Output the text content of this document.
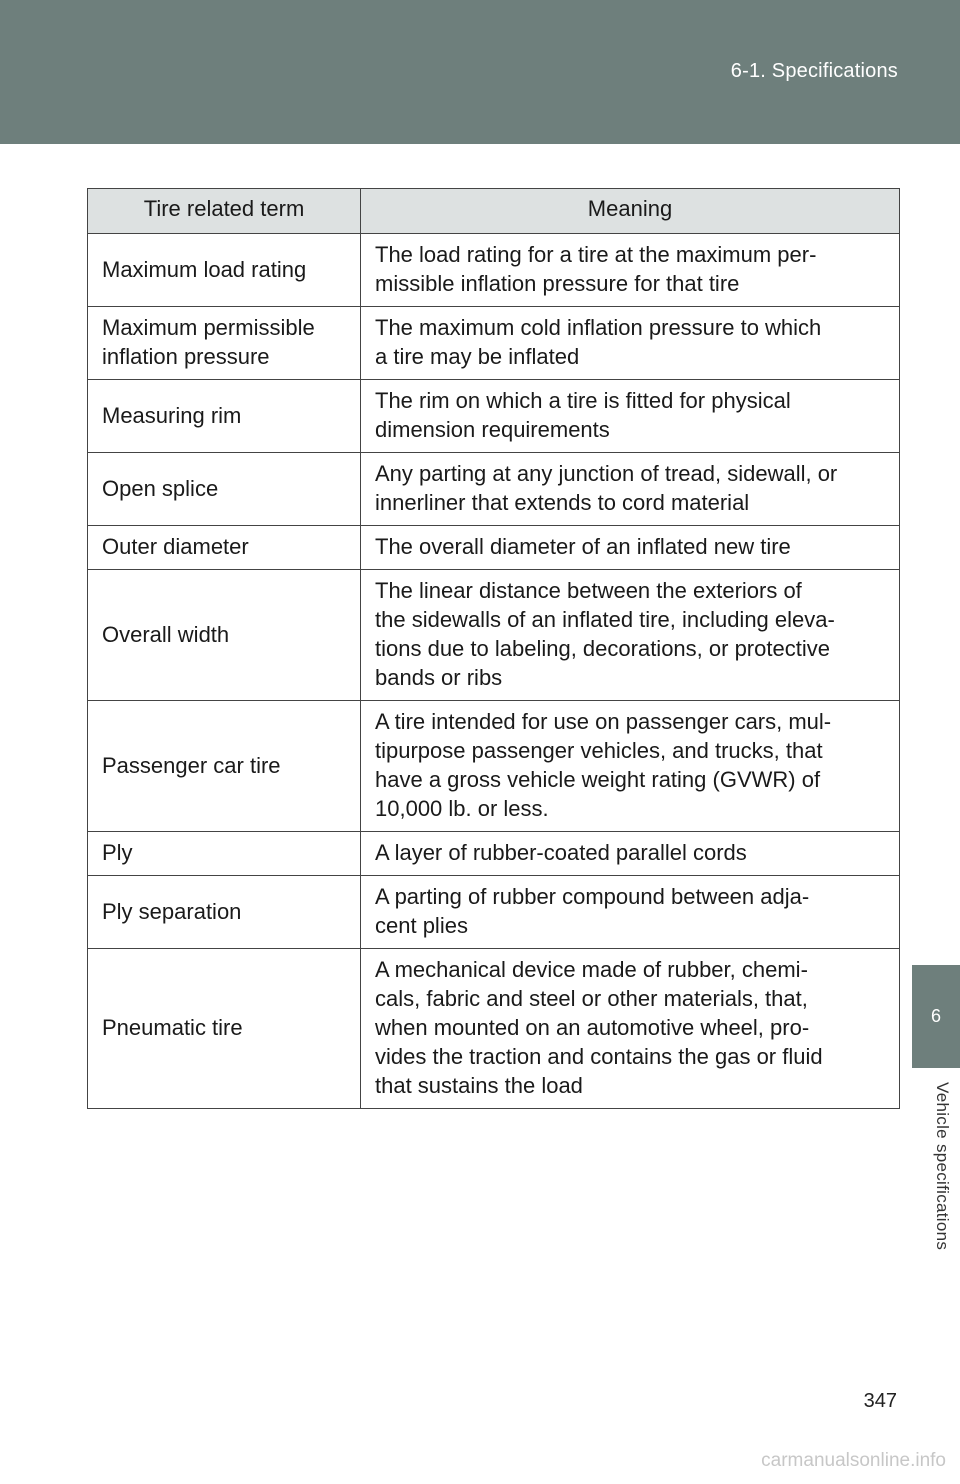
6-1. Specifications
6
Vehicle specifications
Tire related term	Meaning
Maximum load rating	The load rating for a tire at the maximum per-
missible inflation pressure for that tire
Maximum permissible
inflation pressure	The maximum cold inflation pressure to which
a tire may be inflated
Measuring rim	The rim on which a tire is fitted for physical
dimension requirements
Open splice	Any parting at any junction of tread, sidewall, or
innerliner that extends to cord material
Outer diameter	The overall diameter of an inflated new tire
Overall width	The linear distance between the exteriors of
the sidewalls of an inflated tire, including eleva-
tions due to labeling, decorations, or protective
bands or ribs
Passenger car tire	A tire intended for use on passenger cars, mul-
tipurpose passenger vehicles, and trucks, that
have a gross vehicle weight rating (GVWR) of
10,000 lb. or less.
Ply	A layer of rubber-coated parallel cords
Ply separation	A parting of rubber compound between adja-
cent plies
Pneumatic tire	A mechanical device made of rubber, chemi-
cals, fabric and steel or other materials, that,
when mounted on an automotive wheel, pro-
vides the traction and contains the gas or fluid
that sustains the load
347
carmanualsonline.info
